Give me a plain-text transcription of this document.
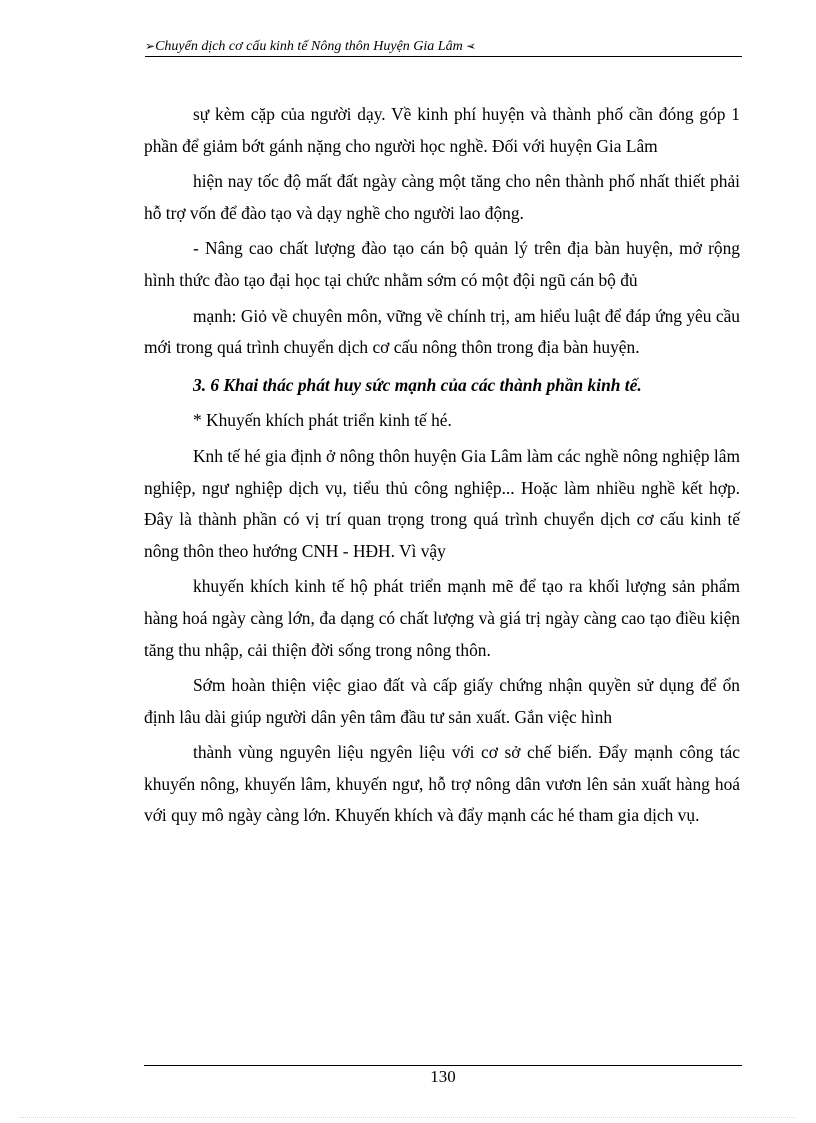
➢Chuyển dịch cơ cấu kinh tế Nông thôn Huyện Gia Lâm ➢

sự kèm cặp của người dạy. Về kinh phí huyện và thành phố cần đóng góp 1 phần để giảm bớt gánh nặng cho người học nghề. Đối với huyện Gia Lâm

hiện nay tốc độ mất đất ngày càng một tăng cho nên thành phố nhất thiết phải hỗ trợ vốn để đào tạo và dạy nghề cho người lao động.

- Nâng cao chất lượng đào tạo cán bộ quản lý trên địa bàn huyện, mở rộng hình thức đào tạo đại học tại chức nhằm sớm có một đội ngũ cán bộ đủ

mạnh: Giỏ về chuyên môn, vững về chính trị, am hiểu luật để đáp ứng yêu cầu mới trong quá trình chuyển dịch cơ cấu nông thôn trong địa bàn huyện.

3. 6 Khai thác phát huy sức mạnh của các thành phần kinh tế.

* Khuyến khích phát triển kinh tế hé.

Knh tế hé gia định ở nông thôn huyện Gia Lâm làm các nghề nông nghiệp lâm nghiệp, ngư nghiệp dịch vụ, tiểu thủ công nghiệp... Hoặc làm nhiều nghề kết hợp. Đây là thành phần có vị trí quan trọng trong quá trình chuyển dịch cơ cấu kinh tế nông thôn theo hướng CNH - HĐH. Vì vậy

khuyến khích kinh tế hộ phát triển mạnh mẽ để tạo ra khối lượng sản phẩm hàng hoá ngày càng lớn, đa dạng có chất lượng và giá trị ngày càng cao tạo điều kiện tăng thu nhập, cải thiện đời sống trong nông thôn.

Sớm hoàn thiện việc giao đất và cấp giấy chứng nhận quyền sử dụng để ổn định lâu dài giúp người dân yên tâm đầu tư sản xuất. Gắn việc hình

thành vùng nguyên liệu ngyên liệu với cơ sở chế biến. Đẩy mạnh công tác khuyến nông, khuyến lâm, khuyến ngư, hỗ trợ nông dân vươn lên sản xuất hàng hoá với quy mô ngày càng lớn. Khuyến khích và đẩy mạnh các hé tham gia dịch vụ.

130
